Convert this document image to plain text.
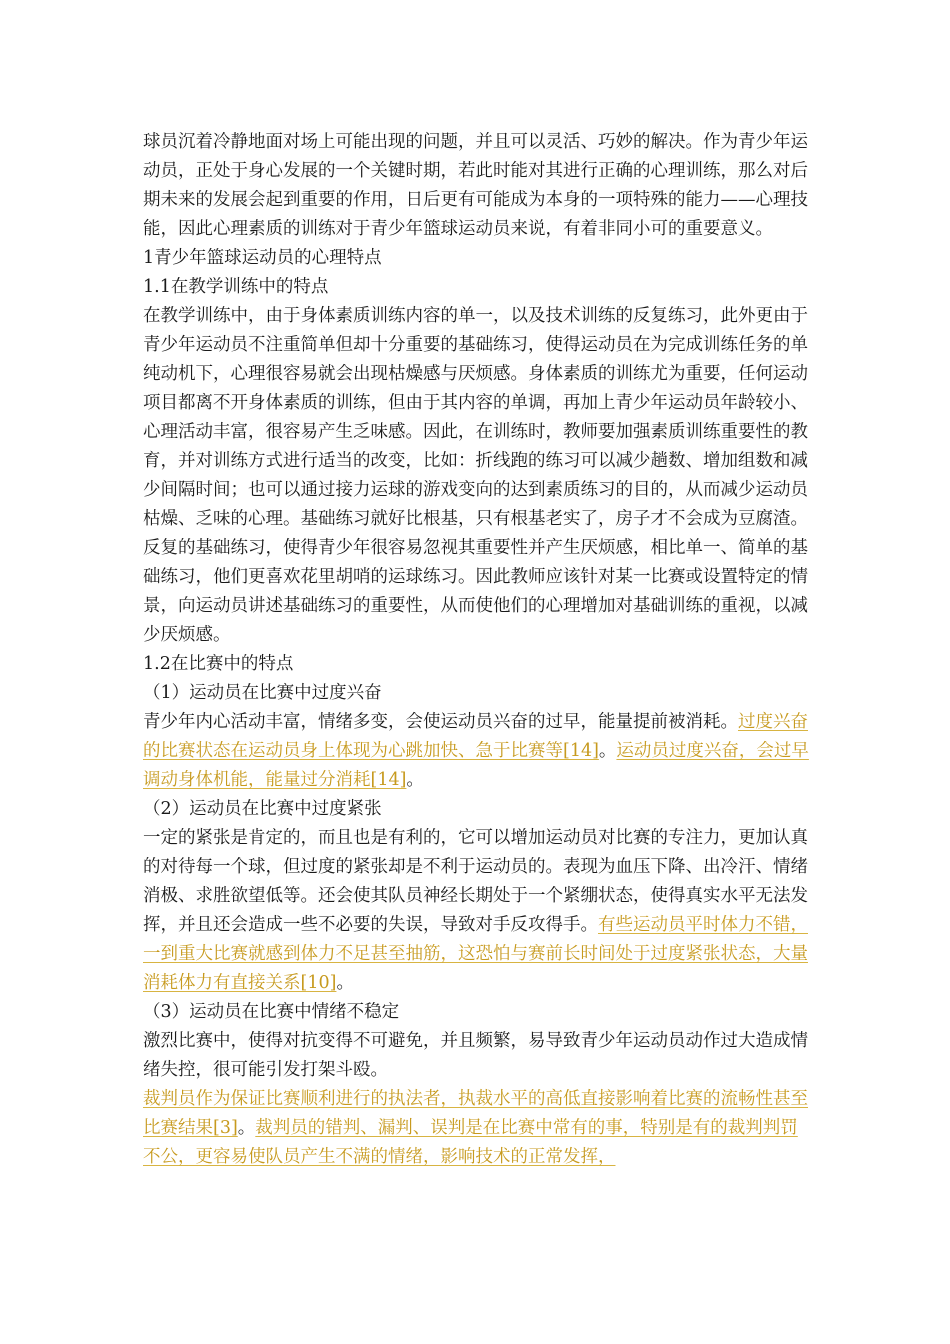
球员沉着冷静地面对场上可能出现的问题，并且可以灵活、巧妙的解决。作为青少年运动员，正处于身心发展的一个关键时期，若此时能对其进行正确的心理训练，那么对后期未来的发展会起到重要的作用，日后更有可能成为本身的一项特殊的能力——心理技能，因此心理素质的训练对于青少年篮球运动员来说，有着非同小可的重要意义。

1青少年篮球运动员的心理特点

1.1在教学训练中的特点

在教学训练中，由于身体素质训练内容的单一，以及技术训练的反复练习，此外更由于青少年运动员不注重简单但却十分重要的基础练习，使得运动员在为完成训练任务的单纯动机下，心理很容易就会出现枯燥感与厌烦感。身体素质的训练尤为重要，任何运动项目都离不开身体素质的训练，但由于其内容的单调，再加上青少年运动员年龄较小、心理活动丰富，很容易产生乏味感。因此，在训练时，教师要加强素质训练重要性的教育，并对训练方式进行适当的改变，比如：折线跑的练习可以减少趟数、增加组数和减少间隔时间；也可以通过接力运球的游戏变向的达到素质练习的目的，从而减少运动员枯燥、乏味的心理。基础练习就好比根基，只有根基老实了，房子才不会成为豆腐渣。反复的基础练习，使得青少年很容易忽视其重要性并产生厌烦感，相比单一、简单的基础练习，他们更喜欢花里胡哨的运球练习。因此教师应该针对某一比赛或设置特定的情景，向运动员讲述基础练习的重要性，从而使他们的心理增加对基础训练的重视，以减少厌烦感。

1.2在比赛中的特点

（1）运动员在比赛中过度兴奋

青少年内心活动丰富，情绪多变，会使运动员兴奋的过早，能量提前被消耗。过度兴奋的比赛状态在运动员身上体现为心跳加快、急于比赛等[14]。运动员过度兴奋，会过早调动身体机能，能量过分消耗[14]。

（2）运动员在比赛中过度紧张

一定的紧张是肯定的，而且也是有利的，它可以增加运动员对比赛的专注力，更加认真的对待每一个球，但过度的紧张却是不利于运动员的。表现为血压下降、出冷汗、情绪消极、求胜欲望低等。还会使其队员神经长期处于一个紧绷状态，使得真实水平无法发挥，并且还会造成一些不必要的失误，导致对手反攻得手。有些运动员平时体力不错，一到重大比赛就感到体力不足甚至抽筋，这恐怕与赛前长时间处于过度紧张状态，大量消耗体力有直接关系[10]。

（3）运动员在比赛中情绪不稳定

激烈比赛中，使得对抗变得不可避免，并且频繁，易导致青少年运动员动作过大造成情绪失控，很可能引发打架斗殴。

裁判员作为保证比赛顺利进行的执法者，执裁水平的高低直接影响着比赛的流畅性甚至比赛结果[3]。裁判员的错判、漏判、误判是在比赛中常有的事，特别是有的裁判判罚不公，更容易使队员产生不满的情绪，影响技术的正常发挥，
